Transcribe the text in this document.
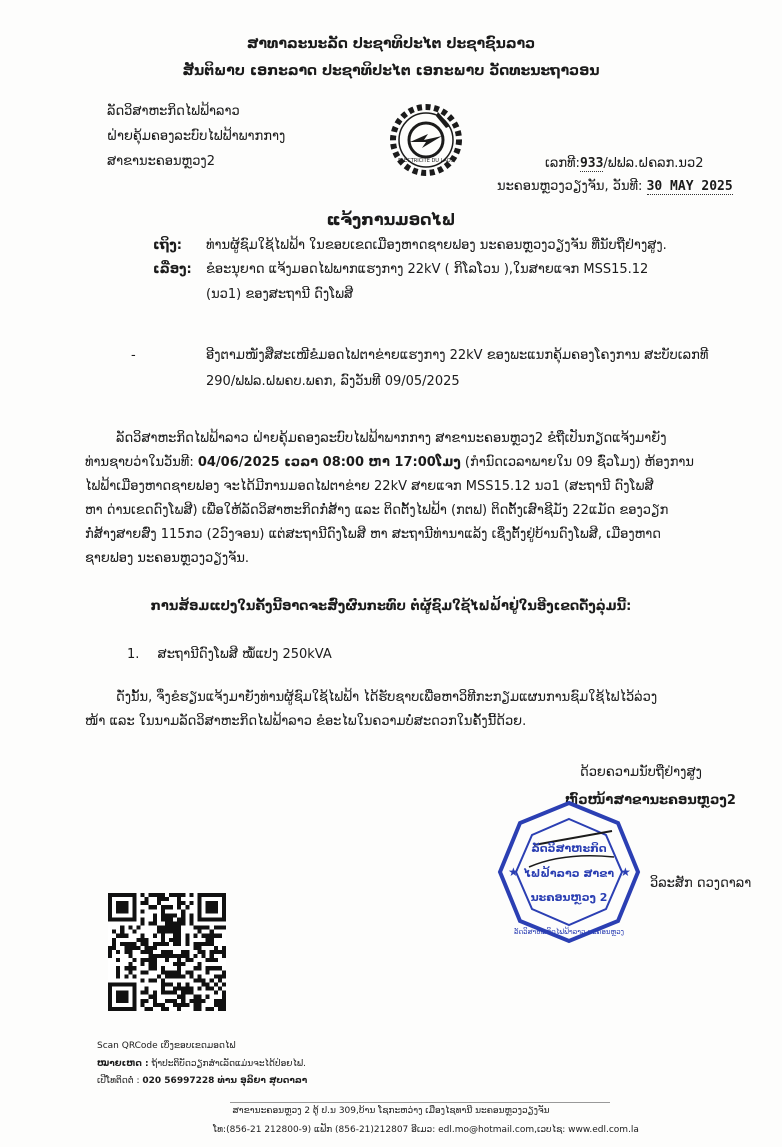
ສາທາລະນະລັດ ປະຊາທິປະໄຕ ປະຊາຊົນລາວ
ສັນຕິພາບ ເອກະລາດ ປະຊາທິປະໄຕ ເອກະພາບ ວັດທະນະຖາວອນ
ລັດວິສາຫະກິດໄຟຟ້າລາວ
ຝ່າຍຄຸ້ມຄອງລະບົບໄຟຟ້າພາກກາງ
ສາຂານະຄອນຫຼວງ2	ELECTRICITE DU LAOS	ເລກທີ:933/ຟຟລ.ຝຄລກ.ນວ2
ນະຄອນຫຼວງວຽງຈັນ, ວັນທີ: 30 MAY 2025
ແຈ້ງການມອດໄຟ
ເຖິງ: ທ່ານຜູ້ຊົມໃຊ້ໄຟຟ້າ ໃນຂອບເຂດເມືອງຫາດຊາຍຟອງ ນະຄອນຫຼວງວຽງຈັນ ທີ່ນັບຖືຢ່າງສູງ.
ເລື່ອງ: ຂໍອະນຸຍາດ ແຈ້ງມອດໄຟພາກແຮງກາງ 22kV ( ກິໂລໂວນ ),ໃນສາຍແຈກ MSS15.12
(ນວ1) ຂອງສະຖານີ ດົງໂພສີ
-	ອີງຕາມໜັງສືສະເໜີຂໍມອດໄຟຕາຂ່າຍແຮງກາງ 22kV ຂອງພະແນກຄຸ້ມຄອງໂຄງການ ສະບັບເລກທີ
290/ຟຟລ.ຝພຄບ.ພຄກ, ລົງວັນທີ 09/05/2025
ລັດວິສາຫະກິດໄຟຟ້າລາວ ຝ່າຍຄຸ້ມຄອງລະບົບໄຟຟ້າພາກກາງ ສາຂານະຄອນຫຼວງ2 ຂໍຖືເປັນກຽດແຈ້ງມາຍັງ
ທ່ານຊາບວ່າໃນວັນທີ: 04/06/2025 ເວລາ 08:00 ຫາ 17:00ໂມງ (ກໍານົດເວລາພາຍໃນ 09 ຊົ່ວໂມງ) ຫ້ອງການ
ໄຟຟ້າເມືອງຫາດຊາຍຟອງ ຈະໄດ້ມີການມອດໄຟຕາຂ່າຍ 22kV ສາຍແຈກ MSS15.12 ນວ1 (ສະຖານີ ດົງໂພສີ
ຫາ ດ່ານເຂດດົງໂພສີ) ເພື່ອໃຫ້ລັດວິສາຫະກິດກໍ່ສ້າງ ແລະ ຕິດຕັ້ງໄຟຟ້າ (ກຕຟ) ຕິດຕັ້ງເສົາຊີມັງ 22ແມັດ ຂອງວຽກ
ກໍ່ສ້າງສາຍສົ່ງ 115ກວ (2ວົງຈອນ) ແຕ່ສະຖານີດົງໂພສີ ຫາ ສະຖານີທ່ານາແລ້ງ ເຊິ່ງຕັ້ງຢູ່ບ້ານດົງໂພສີ, ເມືອງຫາດ
ຊາຍຟອງ ນະຄອນຫຼວງວຽງຈັນ.
ການສ້ອມແປງໃນຄັ້ງນີ້ອາດຈະສົ່ງຜົນກະທົບ ຕໍ່ຜູ້ຊົມໃຊ້ໄຟຟ້າຢູ່ໃນອີງເຂດດັ່ງລຸ່ມນີ້:
1. ສະຖານີດົງໂພສີ ໝໍ້ແປງ 250kVA
ດັ່ງນັ້ນ, ຈຶ່ງຂໍຮຽນແຈ້ງມາຍັງທ່ານຜູ້ຊົມໃຊ້ໄຟຟ້າ ໄດ້ຮັບຊາບເພື່ອຫາວິທີກະກຽມແຜນການຊົມໃຊ້ໄຟໄວ້ລ່ວງ
ໜ້າ ແລະ ໃນນາມລັດວິສາຫະກິດໄຟຟ້າລາວ ຂໍອະໄພໃນຄວາມບໍ່ສະດວກໃນຄັ້ງນີ້ດ້ວຍ.
ດ້ວຍຄວາມນັບຖືຢ່າງສູງ
ຫົວໜ້າສາຂານະຄອນຫຼວງ2
★	★
ລັດວິສາຫະກິດ
ໄຟຟ້າລາວ ສາຂາ
ນະຄອນຫຼວງ 2
ລັດວິສາຫະກິດໄຟຟ້າລາວ ນະຄອນຫຼວງ
ວິລະສັກ ດວງດາລາ
Scan QRCode ເບິ່ງຂອບເຂດມອດໄຟ
ໝາຍເຫດ : ຖ້າປະຕິບັດວຽກສໍາເລັດແມ່ນຈະໄດ້ປ່ອຍໄຟ.
ເປີໂທຕິດຕໍ່ : 020 56997228 ທ່ານ ອຸລິຍາ ສຸບດາລາ
ສາຂານະຄອນຫຼວງ 2 ຕູ້ ປ.ນ 309,ບ້ານ ໂຊກະຫວ່າງ ເມືອງໄຊທານີ ນະຄອນຫຼວງວຽງຈັນ
ໂທ:(856-21 212800-9) ແຟັກ (856-21)212807 ອີເມວ: edl.mo@hotmail.com,ເວບໄຊ: www.edl.com.la
